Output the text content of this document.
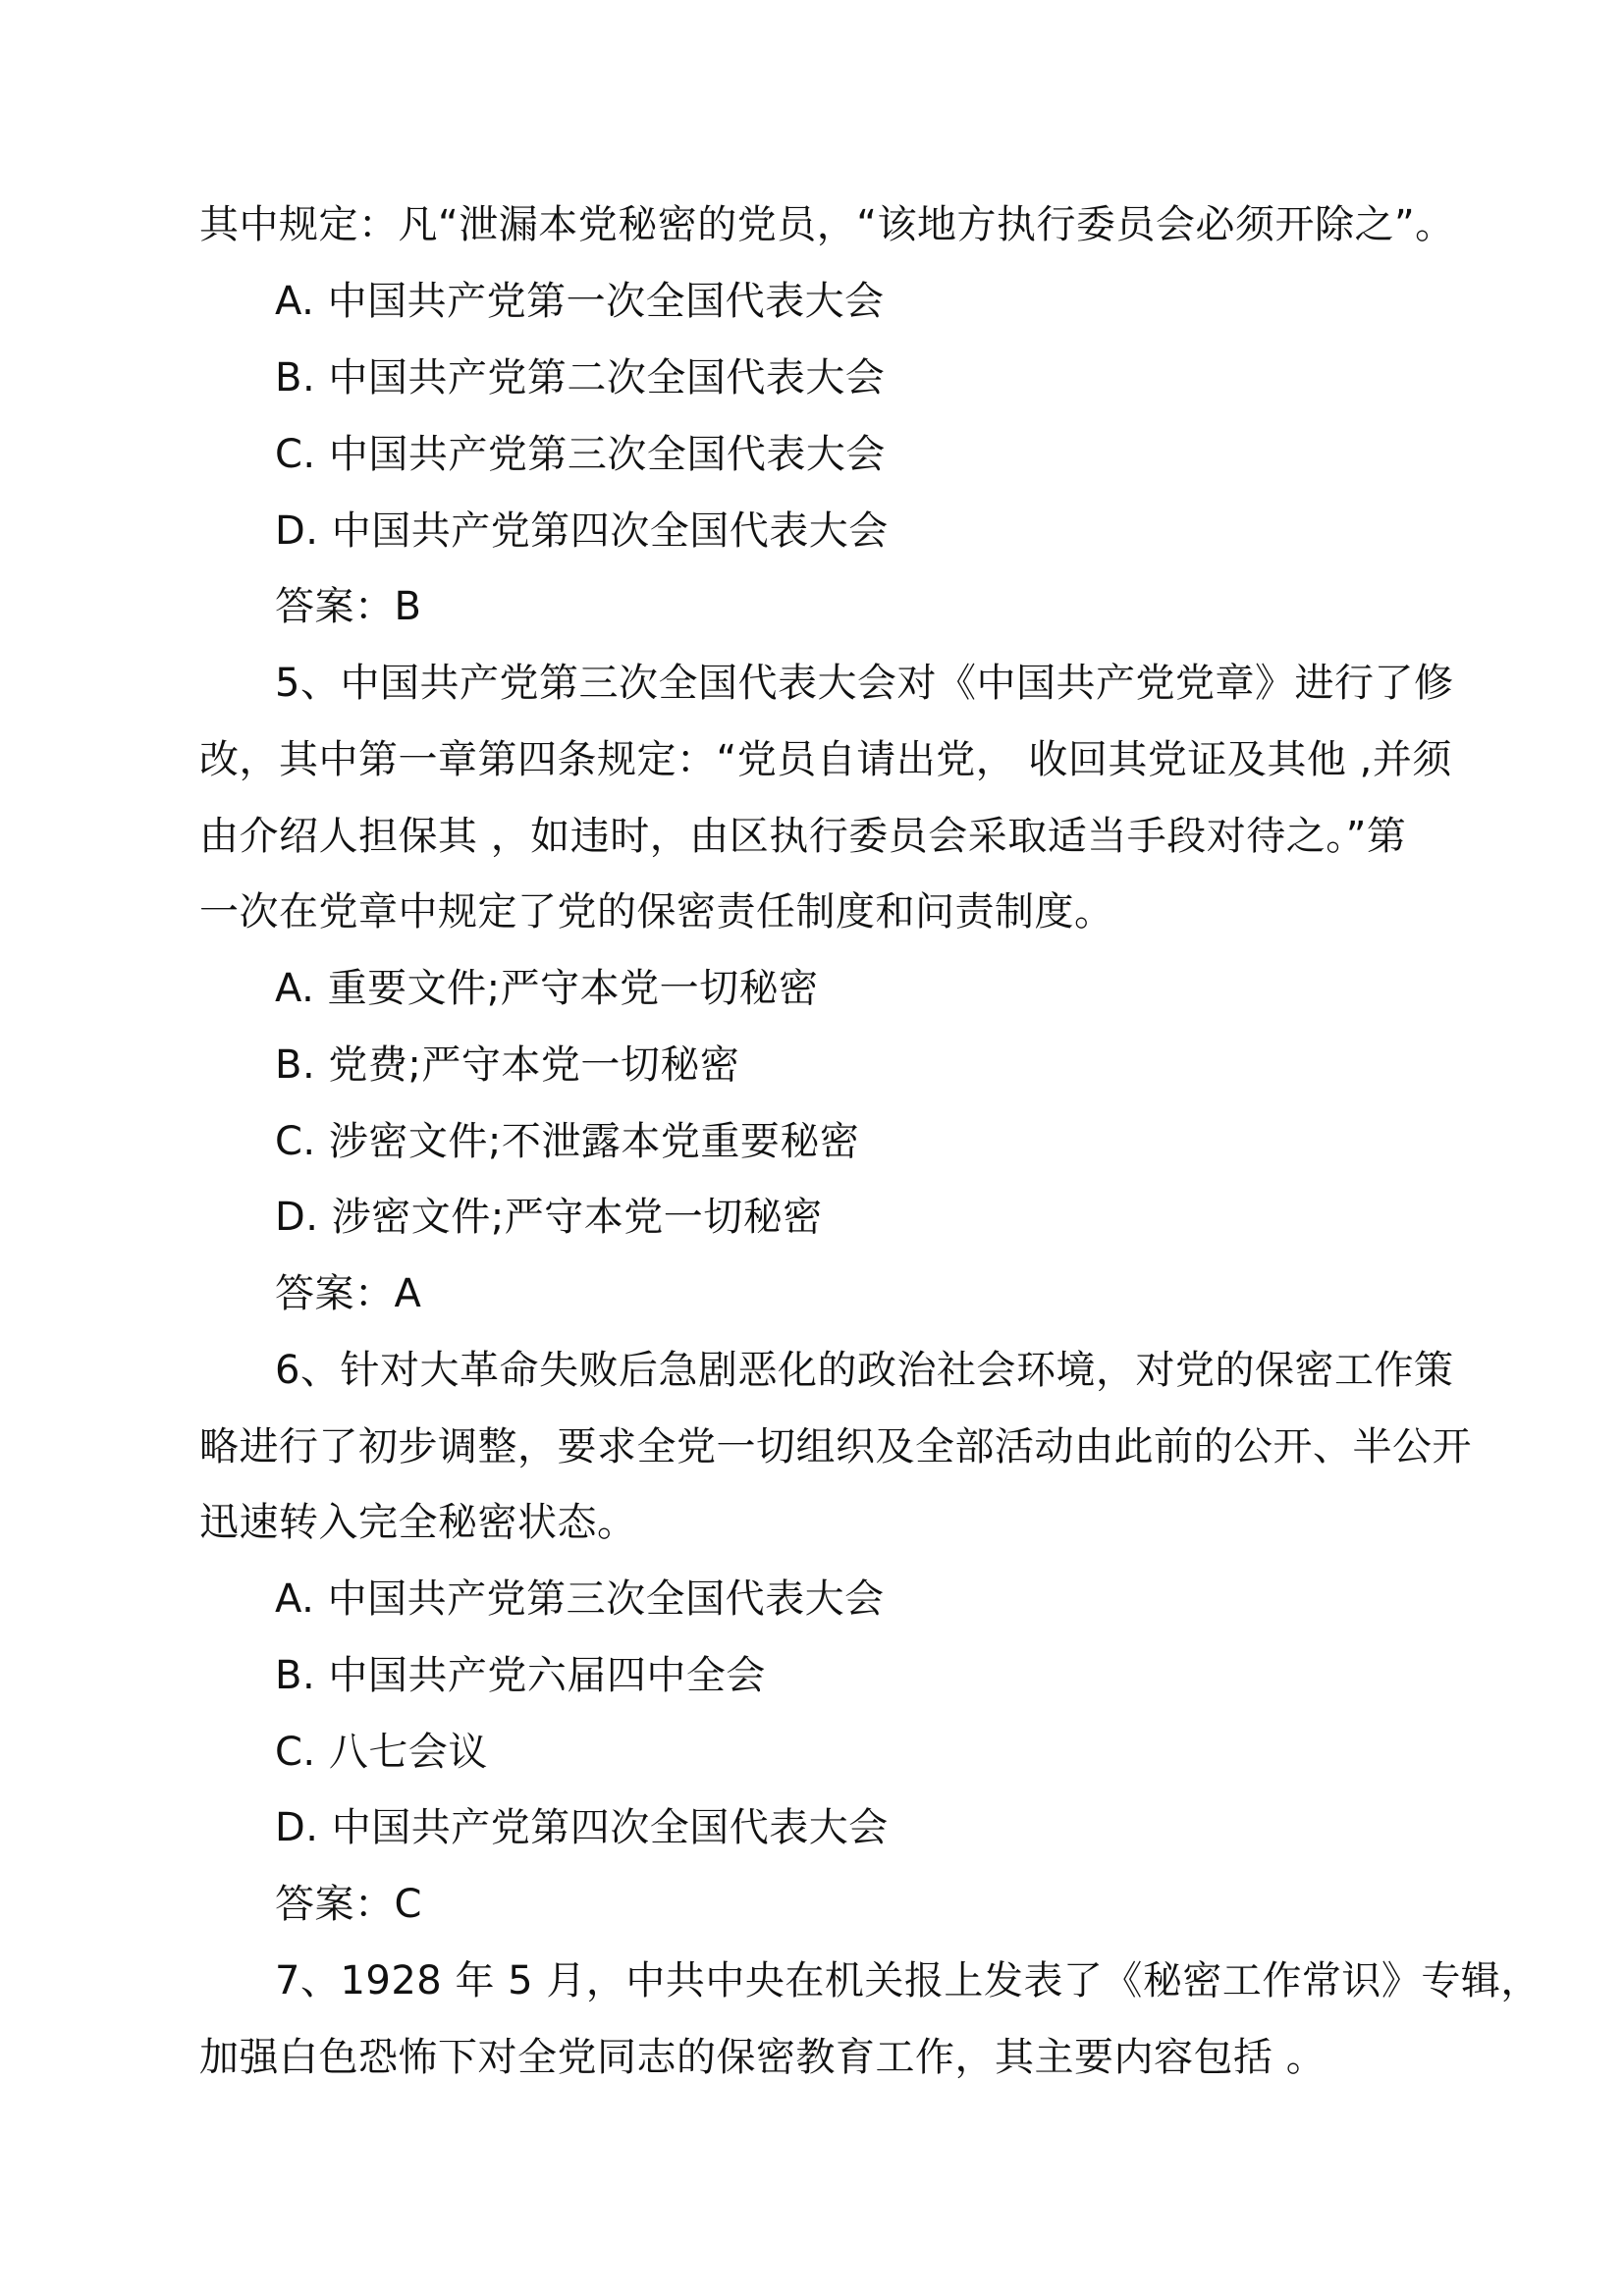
其中规定：凡“泄漏本党秘密的党员，“该地方执行委员会必须开除之”。
A. 中国共产党第一次全国代表大会
B. 中国共产党第二次全国代表大会
C. 中国共产党第三次全国代表大会
D. 中国共产党第四次全国代表大会
答案：B
5、中国共产党第三次全国代表大会对《中国共产党党章》进行了修
改，其中第一章第四条规定：“党员自请出党， 收回其党证及其他 ,并须
由介绍人担保其 ，如违时，由区执行委员会采取适当手段对待之。”第
一次在党章中规定了党的保密责任制度和问责制度。
A. 重要文件;严守本党一切秘密
B. 党费;严守本党一切秘密
C. 涉密文件;不泄露本党重要秘密
D. 涉密文件;严守本党一切秘密
答案：A
6、针对大革命失败后急剧恶化的政治社会环境，对党的保密工作策
略进行了初步调整，要求全党一切组织及全部活动由此前的公开、半公开
迅速转入完全秘密状态。
A. 中国共产党第三次全国代表大会
B. 中国共产党六届四中全会
C. 八七会议
D. 中国共产党第四次全国代表大会
答案：C
7、1928 年 5 月，中共中央在机关报上发表了《秘密工作常识》专辑，
加强白色恐怖下对全党同志的保密教育工作，其主要内容包括 。
